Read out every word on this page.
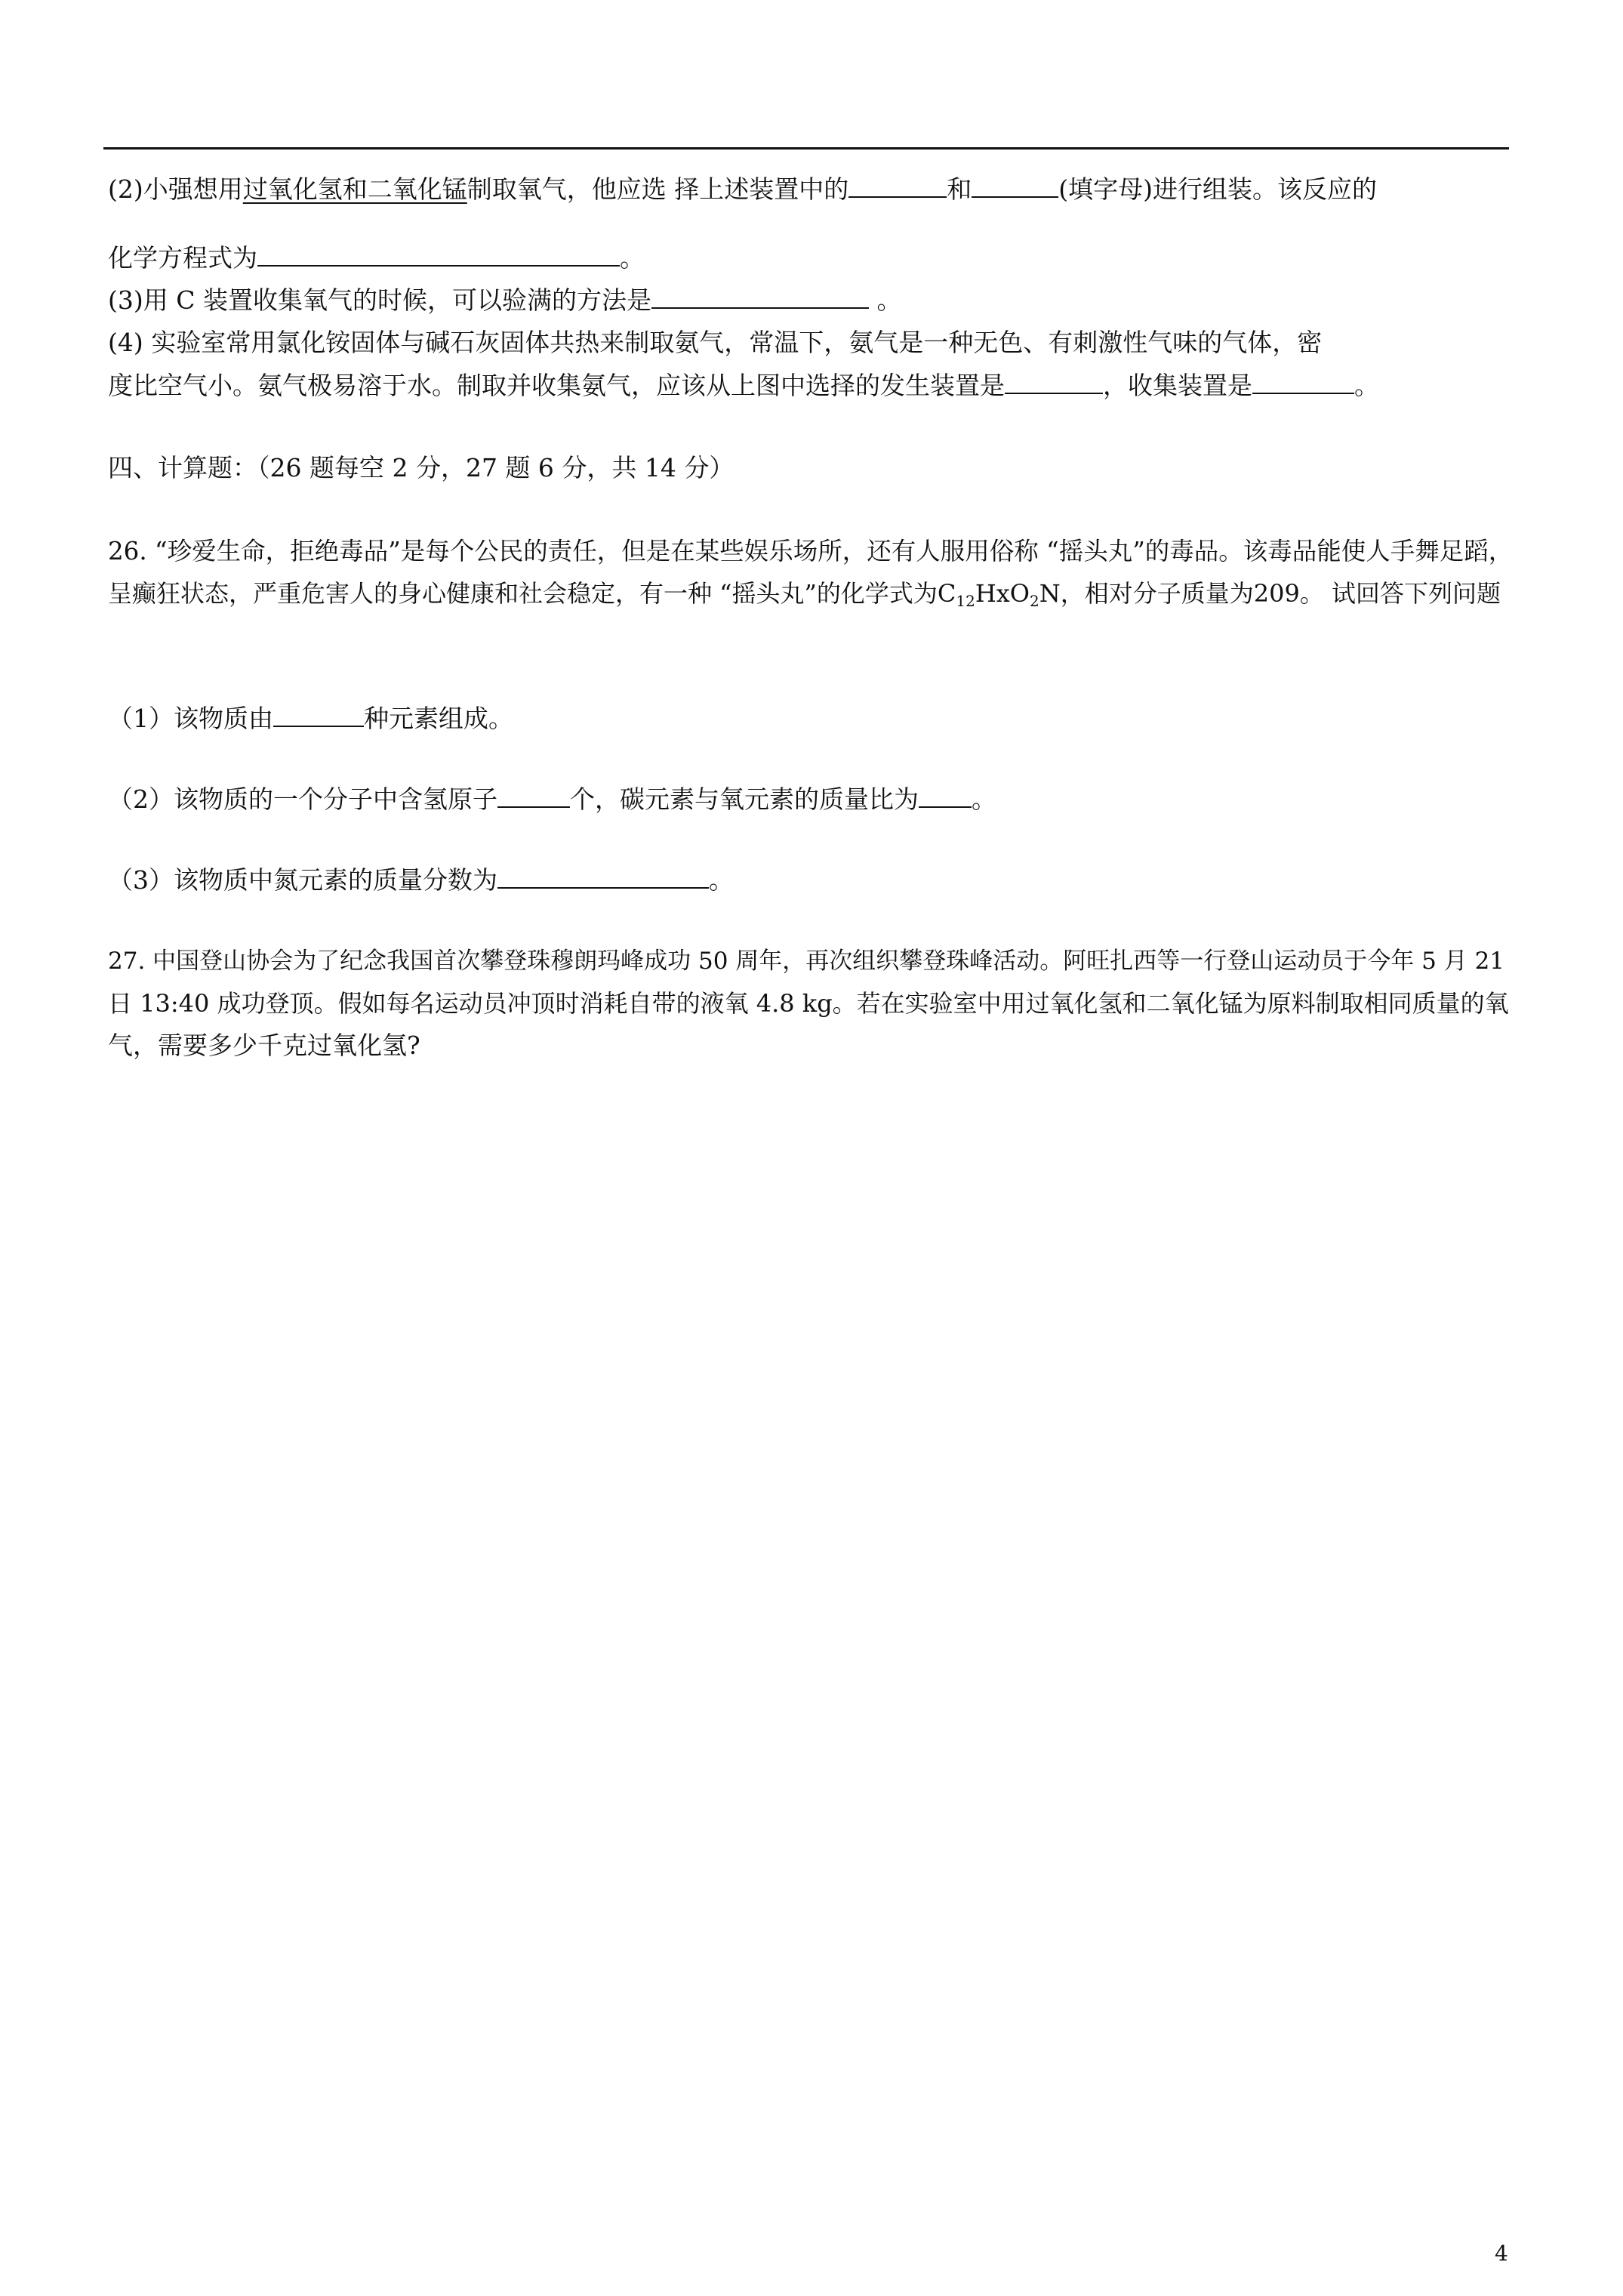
(2)小强想用过氧化氢和二氧化锰制取氧气，他应选 择上述装置中的	和	(填字母)进行组装。该反应的
化学方程式为	。
(3)用 C 装置收集氧气的时候，可以验满的方法是	。
(4) 实验室常用氯化铵固体与碱石灰固体共热来制取氨气，常温下，氨气是一种无色、有刺激性气味的气体，密
度比空气小。氨气极易溶于水。制取并收集氨气，应该从上图中选择的发生装置是	，收集装置是	。
四、计算题：（26 题每空 2 分，27 题 6 分，共 14 分）
26. “珍爱生命，拒绝毒品”是每个公民的责任，但是在某些娱乐场所，还有人服用俗称 “摇头丸”的毒品。该毒品能使人手舞足蹈，
呈癫狂状态，严重危害人的身心健康和社会稳定，有一种 “摇头丸”的化学式为$C_{12}HxO_2N$，相对分子质量为209。 试回答下列问题
（1）该物质由	种元素组成。
（2）该物质的一个分子中含氢原子	个，碳元素与氧元素的质量比为 。
（3）该物质中氮元素的质量分数为	。
27. 中国登山协会为了纪念我国首次攀登珠穆朗玛峰成功 50 周年，再次组织攀登珠峰活动。阿旺扎西等一行登山运动员于今年 5 月 21
日 13:40 成功登顶。假如每名运动员冲顶时消耗自带的液氧 4.8 kg。若在实验室中用过氧化氢和二氧化锰为原料制取相同质量的氧
气，需要多少千克过氧化氢?
4
